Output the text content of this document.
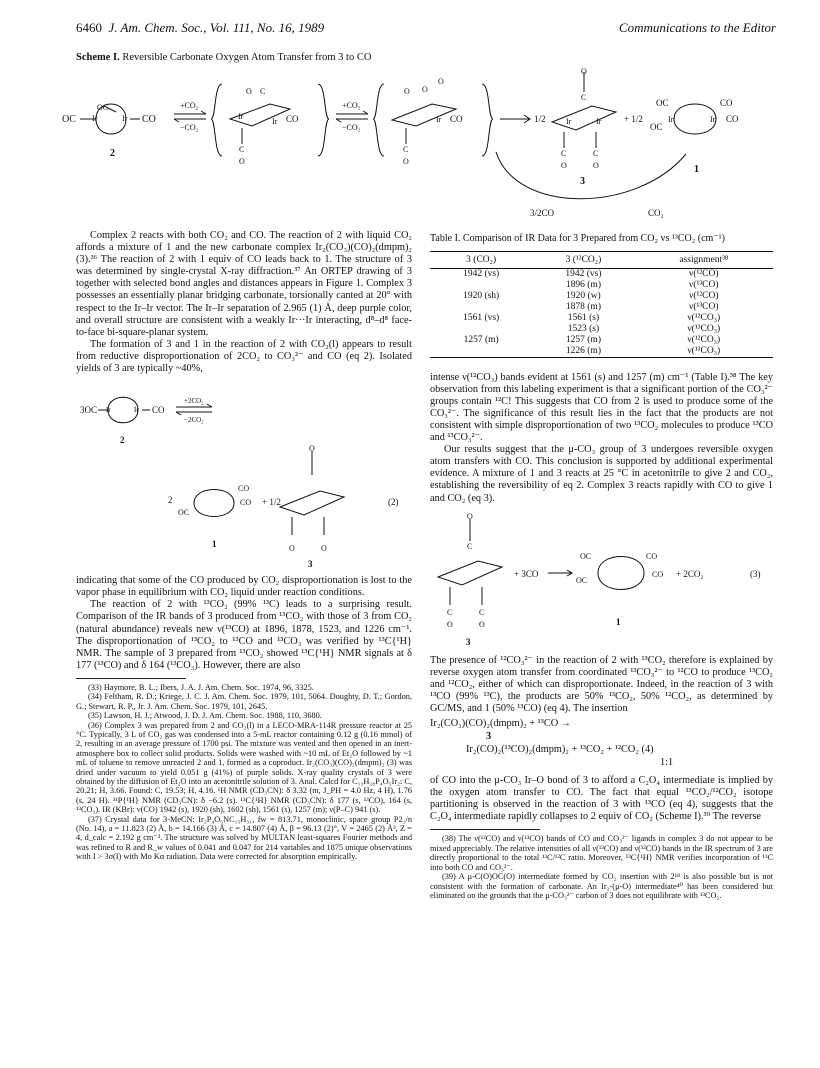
6460 J. Am. Chem. Soc., Vol. 111, No. 16, 1989	Communications to the Editor
Scheme I. Reversible Carbonate Oxygen Atom Transfer from 3 to CO
OC
OC
Ir	Ir CO
2
+CO₂
−CO₂
O C
Ir
Ir CO
C
O
+CO₂
−CO₂
O O
O
Ir CO
C
O
1/2
O
C
Ir	Ir
C	C
O	O
3
+ 1/2
OC
OC
CO
CO
Ir	Ir
1
3/2CO	CO₂

Complex 2 reacts with both CO₂ and CO. The reaction of 2 with liquid CO₂ affords a mixture of 1 and the new carbonate complex Ir₂(CO₃)(CO)₂(dmpm)₂ (3).³⁶ The reaction of 2 with 1 equiv of CO leads back to 1. The structure of 3 was determined by single-crystal X-ray diffraction.³⁷ An ORTEP drawing of 3 together with selected bond angles and distances appears in Figure 1. Complex 3 possesses an essentially planar bridging carbonate, torsionally canted at 20° with respect to the Ir–Ir vector. The Ir–Ir separation of 2.965 (1) Å, deep purple color, and overall structure are consistent with a weakly Ir···Ir interacting, d⁸–d⁸ face-to-face bi-square-planar system.

The formation of 3 and 1 in the reaction of 2 with CO₂(l) appears to result from reductive disproportionation of 2CO₂ to CO₃²⁻ and CO (eq 2). Isolated yields of 3 are typically ~40%,

3OC Ir	Ir CO
2
+2CO₂
−2CO₂
2
OC
CO
CO
1
+ 1/2
O
O	O
3
(2)

indicating that some of the CO produced by CO₂ disproportionation is lost to the vapor phase in equilibrium with CO₂ liquid under reaction conditions.

The reaction of 2 with ¹³CO₂ (99% ¹³C) leads to a surprising result. Comparison of the IR bands of 3 produced from ¹³CO₂ with those of 3 from CO₂ (natural abundance) reveals new ν(¹³CO) at 1896, 1878, 1523, and 1226 cm⁻¹. The disproportionation of ¹³CO₂ to ¹³CO and ¹³CO₃ was verified by ¹³C{¹H} NMR. The sample of 3 prepared from ¹³CO₂ showed ¹³C{¹H} NMR signals at δ 177 (¹³CO) and δ 164 (¹³CO₃). However, there are also

(33) Haymore, B. L.; Ibers, J. A. J. Am. Chem. Soc. 1974, 96, 3325.

(34) Feltham, R. D.; Kriege, J. C. J. Am. Chem. Soc. 1979, 101, 5064. Doughty, D. T.; Gordon, G.; Stewart, R. P., Jr. J. Am. Chem. Soc. 1979, 101, 2645.

(35) Lawson, H. J.; Atwood, J. D. J. Am. Chem. Soc. 1988, 110, 3680.

(36) Complex 3 was prepared from 2 and CO₂(l) in a LECO-MRA-114R pressure reactor at 25 °C. Typically, 3 L of CO₂ gas was condensed into a 5-mL reactor containing 0.12 g (0.16 mmol) of 2, resulting in an average pressure of 1700 psi. The mixture was vented and then opened in an inert-atmosphere box to collect solid products. Solids were washed with ~10 mL of Et₂O followed by ~1 mL of toluene to remove unreacted 2 and 1, formed as a coproduct. Ir₂(CO₃)(CO)₂(dmpm)₂ (3) was dried under vacuum to yield 0.051 g (41%) of purple solids. X-ray quality crystals of 3 were obtained by the diffusion of Et₂O into an acetonitrile solution of 3. Anal. Calcd for C₁₃H₂₈P₄O₅Ir₂: C, 20.21; H, 3.66. Found: C, 19.53; H, 4.16. ¹H NMR (CD₃CN): δ 3.32 (m, J_PH = 4.0 Hz, 4 H), 1.76 (s, 24 H). ³¹P{¹H} NMR (CD₃CN): δ −6.2 (s). ¹³C{¹H} NMR (CD₃CN): δ 177 (s, ¹³CO), 164 (s, ¹³CO₃). IR (KBr): ν(CO) 1942 (s), 1920 (sh), 1602 (sh), 1561 (s), 1257 (m); ν(P–C) 941 (s).

(37) Crystal data for 3-MeCN: Ir₂P₄O₅NC₁₅H₃₁, fw = 813.71, monoclinic, space group P2₁/n (No. 14), a = 11.823 (2) Å, b = 14.166 (3) Å, c = 14.807 (4) Å, β = 96.13 (2)°, V = 2465 (2) Å³, Z = 4, d_calc = 2.192 g cm⁻³. The structure was solved by MULTAN least-squares Fourier methods and was refined to R and R_w values of 0.041 and 0.047 for 214 variables and 1875 unique observations with I > 3σ(I) with Mo Kα radiation. Data were corrected for absorption empirically.

Table I. Comparison of IR Data for 3 Prepared from CO₂ vs ¹³CO₂ (cm⁻¹)
3 (CO₂)	3 (¹³CO₂)	assignment³⁸
1942 (vs)	1942 (vs)	ν(¹²CO)
	1896 (m)	ν(¹³CO)
1920 (sh)	1920 (w)	ν(¹²CO)
	1878 (m)	ν(¹³CO)
1561 (vs)	1561 (s)	ν(¹²CO₃)
	1523 (s)	ν(¹³CO₃)
1257 (m)	1257 (m)	ν(¹²CO₃)
	1226 (m)	ν(¹³CO₃)

intense ν(¹²CO₃) bands evident at 1561 (s) and 1257 (m) cm⁻¹ (Table I).³⁸ The key observation from this labeling experiment is that a significant portion of the CO₃²⁻ groups contain ¹²C! This suggests that CO from 2 is used to produce some of the CO₃²⁻. The significance of this result lies in the fact that the products are not consistent with simple disproportionation of two ¹³CO₂ molecules to produce ¹³CO and ¹³CO₃²⁻.

Our results suggest that the μ-CO₃ group of 3 undergoes reversible oxygen atom transfers with CO. This conclusion is supported by additional experimental evidence. A mixture of 1 and 3 reacts at 25 °C in acetonitrile to give 2 and CO₂, establishing the reversibility of eq 2. Complex 3 reacts rapidly with CO to give 1 and CO₂ (eq 3).

O
C
C	C
O	O
3
+ 3CO
OC
OC
CO
CO
1
+ 2CO₂	(3)

The presence of ¹²CO₃²⁻ in the reaction of 2 with ¹³CO₂ therefore is explained by reverse oxygen atom transfer from coordinated ¹³CO₃²⁻ to ¹²CO to produce ¹³CO₂ and ¹²CO₂, either of which can disproportionate. Indeed, in the reaction of 3 with ¹³CO (99% ¹³C), the products are 50% ¹³CO₂, 50% ¹²CO₂, as determined by GC/MS, and 1 (50% ¹³CO) (eq 4). The insertion

Ir₂(CO₃)(CO)₂(dmpm)₂ + ¹³CO →
3
Ir₂(CO)₂(¹³CO)₂(dmpm)₂ + ¹³CO₂ + ¹²CO₂ (4)
1:1

of CO into the μ-CO₃ Ir–O bond of 3 to afford a C₂O₄ intermediate is implied by the oxygen atom transfer to CO. The fact that equal ¹³CO₂/¹²CO₂ isotope partitioning is observed in the reaction of 3 with ¹³CO (eq 4), suggests that the C₂O₄ intermediate rapidly collapses to 2 equiv of CO₂ (Scheme I).³⁹ The reverse

(38) The ν(¹²CO) and ν(¹³CO) bands of CO and CO₃²⁻ ligands in complex 3 do not appear to be mixed appreciably. The relative intensities of all ν(¹³CO) and ν(¹²CO) bands in the IR spectrum of 3 are directly proportional to the total ¹³C/¹²C ratio. Moreover, ¹³C{¹H} NMR verifies incorporation of ¹³C into both CO and CO₃²⁻.

(39) A μ-C(O)OC(O) intermediate formed by CO₂ insertion with 2¹⁸ is also possible but is not consistent with the formation of carbonate. An Ir₂-(μ-O) intermediate⁴⁰ has been considered but eliminated on the grounds that the μ-CO₃²⁻ carbon of 3 does not equilibrate with ¹³CO₂.
